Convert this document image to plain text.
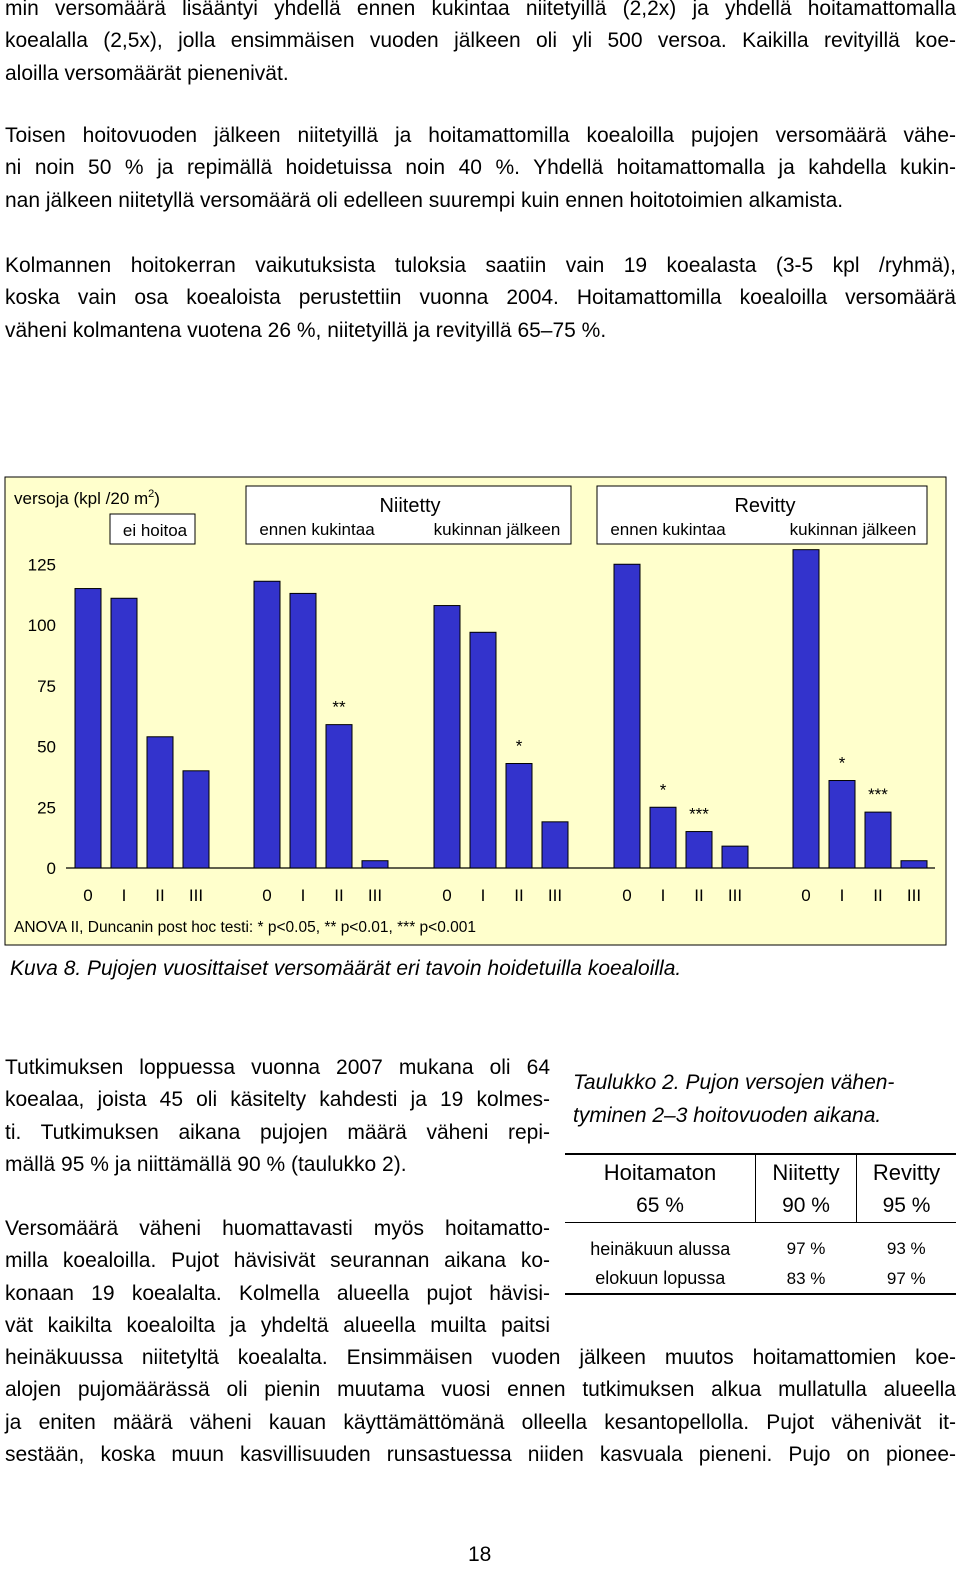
min versomäärä lisääntyi yhdellä ennen kukintaa niitetyillä (2,2x) ja yhdellä hoitamattomalla
koealalla (2,5x), jolla ensimmäisen vuoden jälkeen oli yli 500 versoa. Kaikilla revityillä koe-
aloilla versomäärät pienenivät.
Toisen hoitovuoden jälkeen niitetyillä ja hoitamattomilla koealoilla pujojen versomäärä vähe-
ni noin 50 % ja repimällä hoidetuissa noin 40 %. Yhdellä hoitamattomalla ja kahdella kukin-
nan jälkeen niitetyllä versomäärä oli edelleen suurempi kuin ennen hoitotoimien alkamista.
Kolmannen hoitokerran vaikutuksista tuloksia saatiin vain 19 koealasta (3-5 kpl /ryhmä),
koska vain osa koealoista perustettiin vuonna 2004. Hoitamattomilla koealoilla versomäärä
väheni kolmantena vuotena 26 %, niitetyillä ja revityillä 65–75 %.
versoja (kpl /20 $m^2$)
ei hoitoa
Niitetty
ennen kukintaa	kukinnan jälkeen
Revitty
ennen kukintaa	kukinnan jälkeen
ANOVA II, Duncanin post hoc testi: * p<0.05, ** p<0.01, *** p<0.001
0
25
50
75
100
125
0 I II III	0 I II III	0 I II III	0 I II III	0 I II III
**
*
*
***
*
***

Kuva 8. Pujojen vuosittaiset versomäärät eri tavoin hoidetuilla koealoilla.

Tutkimuksen loppuessa vuonna 2007 mukana oli 64
koealaa, joista 45 oli käsitelty kahdesti ja 19 kolmes-
ti. Tutkimuksen aikana pujojen määrä väheni repi-
mällä 95 % ja niittämällä 90 % (taulukko 2).
Versomäärä väheni huomattavasti myös hoitamatto-
milla koealoilla. Pujot hävisivät seurannan aikana ko-
konaan 19 koealalta. Kolmella alueella pujot hävisi-
vät kaikilta koealoilta ja yhdeltä alueella muilta paitsi
Taulukko 2. Pujon versojen vähen-
tyminen 2–3 hoitovuoden aikana.
Hoitamaton	Niitetty	Revitty
65 %	90 %	95 %

heinäkuun alussa	97 %	93 %
elokuun lopussa	83 %	97 %
heinäkuussa niitetyltä koealalta. Ensimmäisen vuoden jälkeen muutos hoitamattomien koe-
alojen pujomäärässä oli pienin muutama vuosi ennen tutkimuksen alkua mullatulla alueella
ja eniten määrä väheni kauan käyttämättömänä olleella kesantopellolla. Pujot vähenivät it-
sestään, koska muun kasvillisuuden runsastuessa niiden kasvuala pieneni. Pujo on pionee-

18
